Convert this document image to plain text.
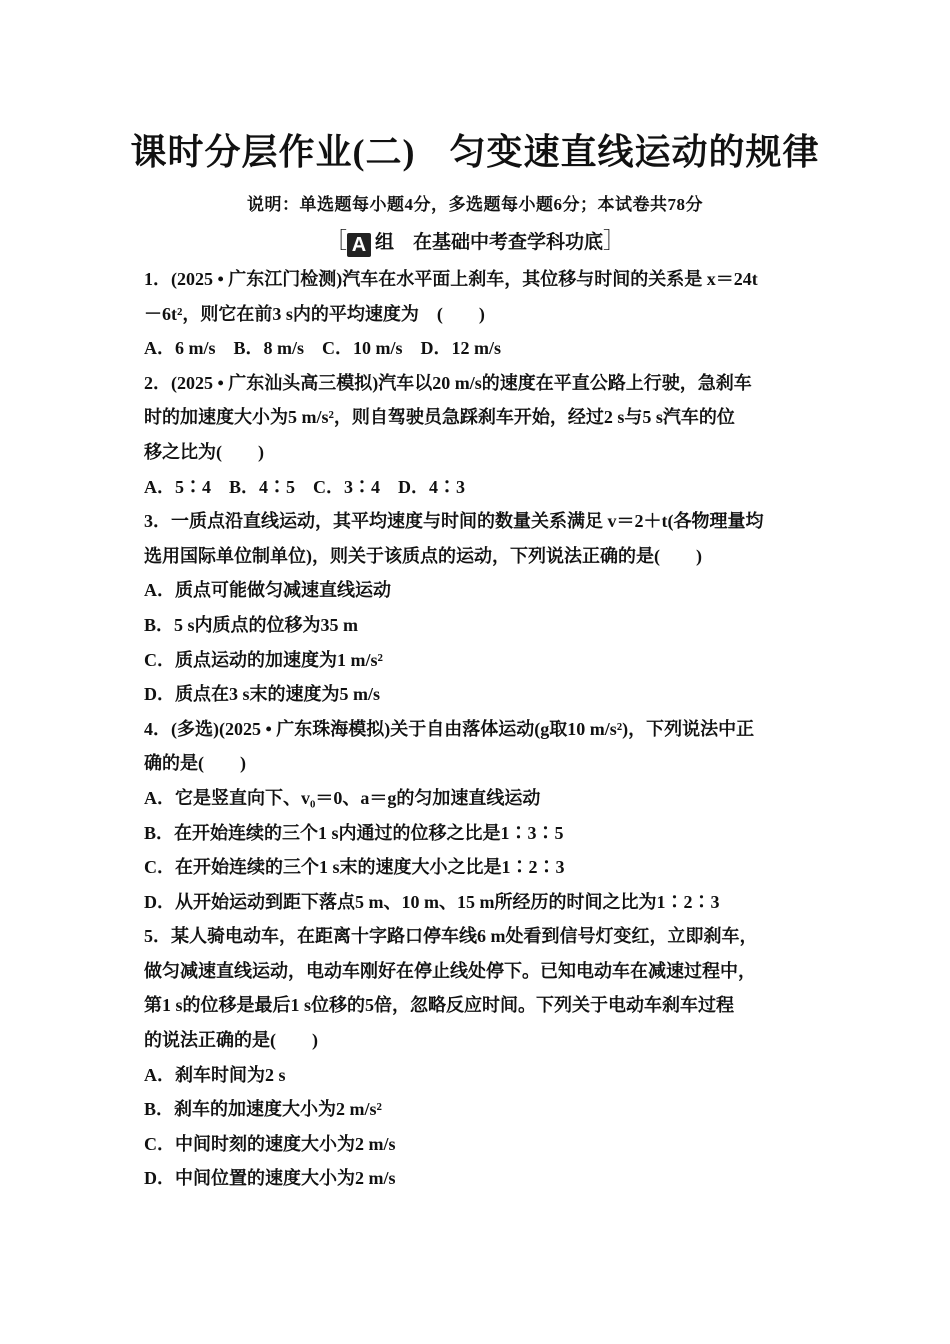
课时分层作业(二) 匀变速直线运动的规律
说明：单选题每小题4分，多选题每小题6分；本试卷共78分
［ A 组　在基础中考查学科功底］
1．(2025 • 广东江门检测)汽车在水平面上刹车，其位移与时间的关系是 x＝24t
－6t²，则它在前3 s内的平均速度为　(　　)
A．6 m/s　B．8 m/s　C．10 m/s　D．12 m/s
2．(2025 • 广东汕头高三模拟)汽车以20 m/s的速度在平直公路上行驶，急刹车
时的加速度大小为5 m/s²，则自驾驶员急踩刹车开始，经过2 s与5 s汽车的位
移之比为(　　)
A．5∶4　B．4∶5　C．3∶4　D．4∶3
3．一质点沿直线运动，其平均速度与时间的数量关系满足 v＝2＋t(各物理量均
选用国际单位制单位)，则关于该质点的运动，下列说法正确的是(　　)
A．质点可能做匀减速直线运动
B．5 s内质点的位移为35 m
C．质点运动的加速度为1 m/s²
D．质点在3 s末的速度为5 m/s
4．(多选)(2025 • 广东珠海模拟)关于自由落体运动(g取10 m/s²)，下列说法中正
确的是(　　)
A．它是竖直向下、v₀＝0、a＝g的匀加速直线运动
B．在开始连续的三个1 s内通过的位移之比是1∶3∶5
C．在开始连续的三个1 s末的速度大小之比是1∶2∶3
D．从开始运动到距下落点5 m、10 m、15 m所经历的时间之比为1∶2∶3
5．某人骑电动车，在距离十字路口停车线6 m处看到信号灯变红，立即刹车，
做匀减速直线运动，电动车刚好在停止线处停下。已知电动车在减速过程中，
第1 s的位移是最后1 s位移的5倍，忽略反应时间。下列关于电动车刹车过程
的说法正确的是(　　)
A．刹车时间为2 s
B．刹车的加速度大小为2 m/s²
C．中间时刻的速度大小为2 m/s
D．中间位置的速度大小为2 m/s
